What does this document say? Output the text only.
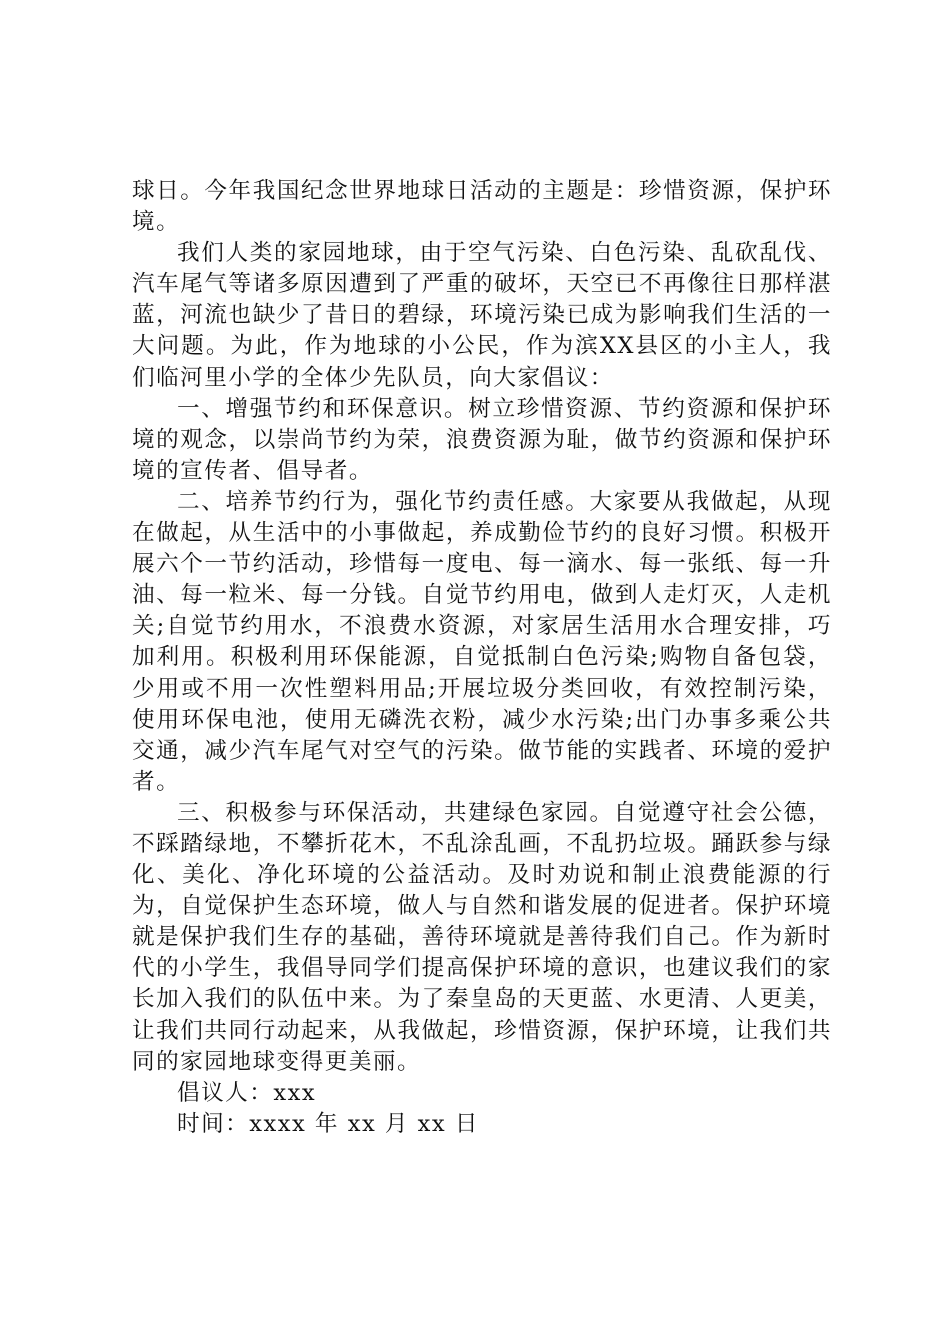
球日。今年我国纪念世界地球日活动的主题是：珍惜资源，保护环境。

我们人类的家园地球，由于空气污染、白色污染、乱砍乱伐、汽车尾气等诸多原因遭到了严重的破坏，天空已不再像往日那样湛蓝，河流也缺少了昔日的碧绿，环境污染已成为影响我们生活的一大问题。为此，作为地球的小公民，作为滨XX县区的小主人，我们临河里小学的全体少先队员，向大家倡议：

一、增强节约和环保意识。树立珍惜资源、节约资源和保护环境的观念，以崇尚节约为荣，浪费资源为耻，做节约资源和保护环境的宣传者、倡导者。

二、培养节约行为，强化节约责任感。大家要从我做起，从现在做起，从生活中的小事做起，养成勤俭节约的良好习惯。积极开展六个一节约活动，珍惜每一度电、每一滴水、每一张纸、每一升油、每一粒米、每一分钱。自觉节约用电，做到人走灯灭，人走机关;自觉节约用水，不浪费水资源，对家居生活用水合理安排，巧加利用。积极利用环保能源，自觉抵制白色污染;购物自备包袋，少用或不用一次性塑料用品;开展垃圾分类回收，有效控制污染，使用环保电池，使用无磷洗衣粉，减少水污染;出门办事多乘公共交通，减少汽车尾气对空气的污染。做节能的实践者、环境的爱护者。

三、积极参与环保活动，共建绿色家园。自觉遵守社会公德，不踩踏绿地，不攀折花木，不乱涂乱画，不乱扔垃圾。踊跃参与绿化、美化、净化环境的公益活动。及时劝说和制止浪费能源的行为，自觉保护生态环境，做人与自然和谐发展的促进者。保护环境就是保护我们生存的基础，善待环境就是善待我们自己。作为新时代的小学生，我倡导同学们提高保护环境的意识，也建议我们的家长加入我们的队伍中来。为了秦皇岛的天更蓝、水更清、人更美，让我们共同行动起来，从我做起，珍惜资源，保护环境，让我们共同的家园地球变得更美丽。

倡议人：xxx

时间：xxxx 年 xx 月 xx 日
